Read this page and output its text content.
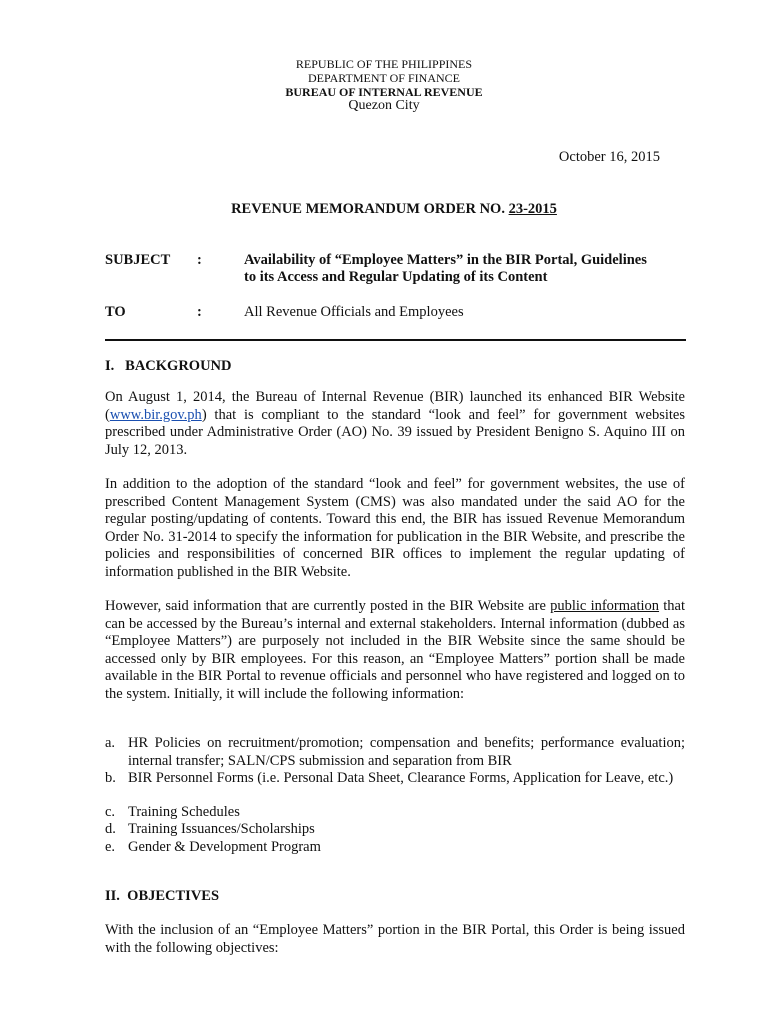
REPUBLIC OF THE PHILIPPINES
DEPARTMENT OF FINANCE
BUREAU OF INTERNAL REVENUE
Quezon City
October 16, 2015
REVENUE MEMORANDUM ORDER NO. 23-2015
SUBJECT :	Availability of “Employee Matters” in the BIR Portal, Guidelines
to its Access and Regular Updating of its Content
TO	:	All Revenue Officials and Employees
I.   BACKGROUND
On August 1, 2014, the Bureau of Internal Revenue (BIR) launched its enhanced BIR Website (www.bir.gov.ph) that is compliant to the standard “look and feel” for government websites prescribed under Administrative Order (AO) No. 39 issued by President Benigno S. Aquino III on July 12, 2013.
In addition to the adoption of the standard “look and feel” for government websites, the use of prescribed Content Management System (CMS) was also mandated under the said AO for the regular posting/updating of contents. Toward this end, the BIR has issued Revenue Memorandum Order No. 31-2014 to specify the information for publication in the BIR Website, and prescribe the policies and responsibilities of concerned BIR offices to implement the regular updating of information published in the BIR Website.
However, said information that are currently posted in the BIR Website are public information that can be accessed by the Bureau’s internal and external stakeholders. Internal information (dubbed as “Employee Matters”) are purposely not included in the BIR Website since the same should be accessed only by BIR employees. For this reason, an “Employee Matters” portion shall be made available in the BIR Portal to revenue officials and personnel who have registered and logged on to the system. Initially, it will include the following information:
a. HR Policies on recruitment/promotion; compensation and benefits; performance evaluation; internal transfer; SALN/CPS submission and separation from BIR
b. BIR Personnel Forms (i.e. Personal Data Sheet, Clearance Forms, Application for Leave, etc.)
c. Training Schedules
d. Training Issuances/Scholarships
e. Gender & Development Program
II.  OBJECTIVES
With the inclusion of an “Employee Matters” portion in the BIR Portal, this Order is being issued with the following objectives:
